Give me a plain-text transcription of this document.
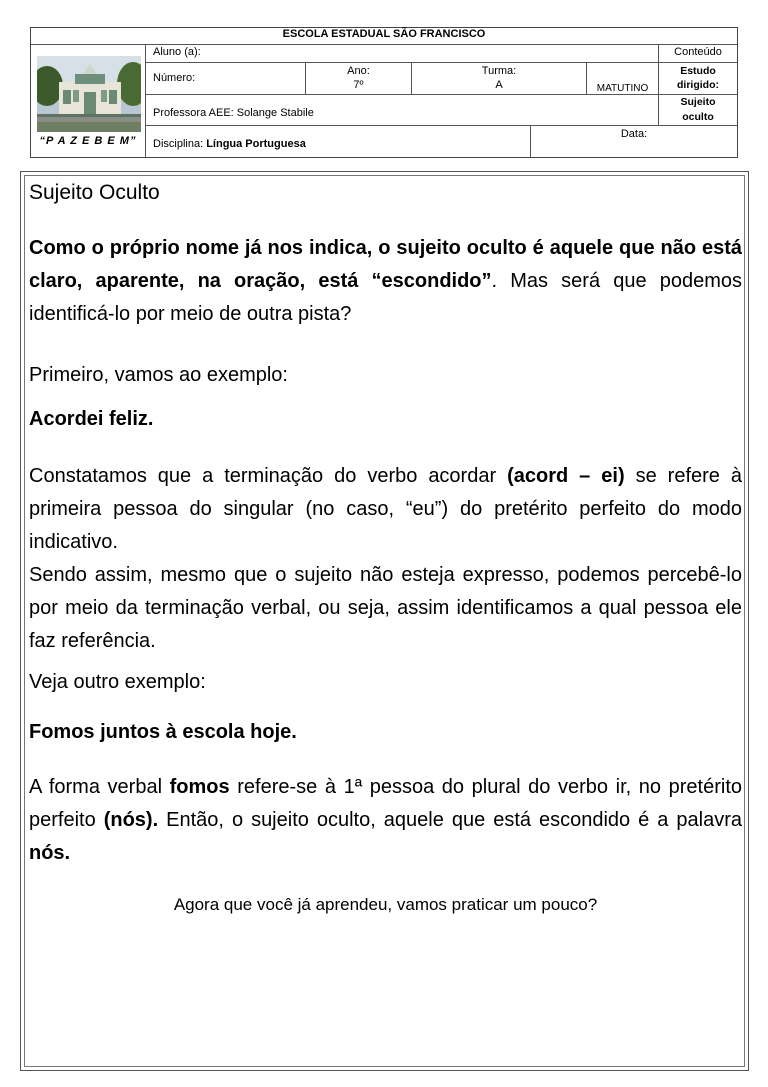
ESCOLA ESTADUAL SÃO FRANCISCO
Aluno (a):	Conteúdo
Número:
Ano:
7º
Turma:
A	MATUTINO
Estudo
dirigido:
Sujeito
oculto
Professora AEE: Solange Stabile
Data:
Disciplina: Língua Portuguesa
“P A Z E B E M”
Sujeito Oculto

Como o próprio nome já nos indica, o sujeito oculto é aquele que não está claro, aparente, na oração, está “escondido”. Mas será que podemos identificá-lo por meio de outra pista?

Primeiro, vamos ao exemplo:

Acordei feliz.

Constatamos que a terminação do verbo acordar (acord – ei) se refere à primeira pessoa do singular (no caso, “eu”) do pretérito perfeito do modo indicativo.

Sendo assim, mesmo que o sujeito não esteja expresso, podemos percebê-lo por meio da terminação verbal, ou seja, assim identificamos a qual pessoa ele faz referência.

Veja outro exemplo:

Fomos juntos à escola hoje.

A forma verbal fomos refere-se à 1ª pessoa do plural do verbo ir, no pretérito perfeito (nós). Então, o sujeito oculto, aquele que está escondido é a palavra nós.

Agora que você já aprendeu, vamos praticar um pouco?
